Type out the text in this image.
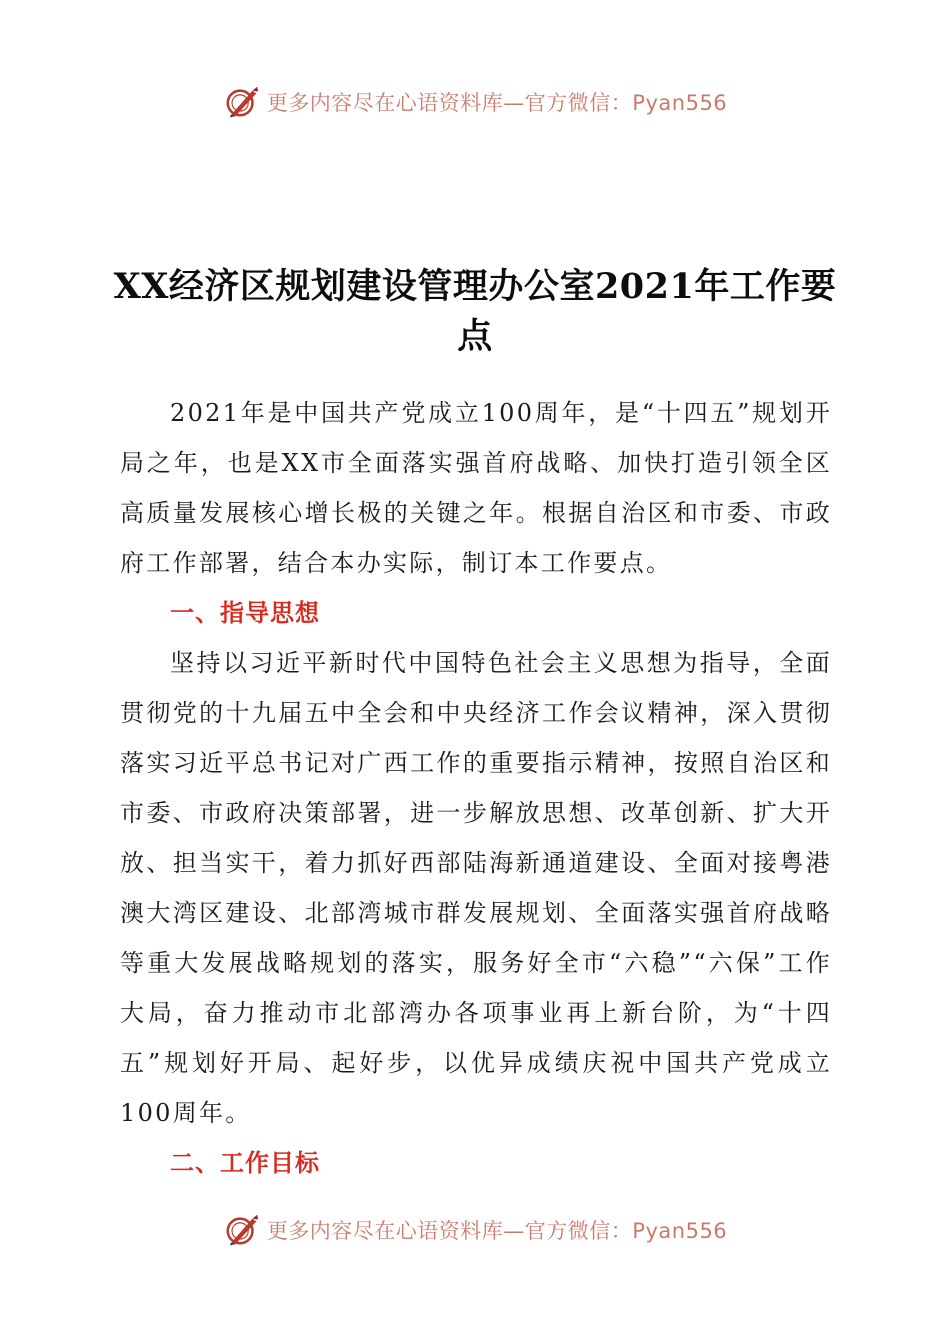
更多内容尽在心语资料库—官方微信：Pyan556
XX经济区规划建设管理办公室2021年工作要点

2021年是中国共产党成立100周年，是“十四五”规划开局之年，也是XX市全面落实强首府战略、加快打造引领全区高质量发展核心增长极的关键之年。根据自治区和市委、市政府工作部署，结合本办实际，制订本工作要点。

一、指导思想

坚持以习近平新时代中国特色社会主义思想为指导，全面贯彻党的十九届五中全会和中央经济工作会议精神，深入贯彻落实习近平总书记对广西工作的重要指示精神，按照自治区和市委、市政府决策部署，进一步解放思想、改革创新、扩大开放、担当实干，着力抓好西部陆海新通道建设、全面对接粤港澳大湾区建设、北部湾城市群发展规划、全面落实强首府战略等重大发展战略规划的落实，服务好全市“六稳”“六保”工作大局，奋力推动市北部湾办各项事业再上新台阶，为“十四五”规划好开局、起好步，以优异成绩庆祝中国共产党成立100周年。

二、工作目标

更多内容尽在心语资料库—官方微信：Pyan556
